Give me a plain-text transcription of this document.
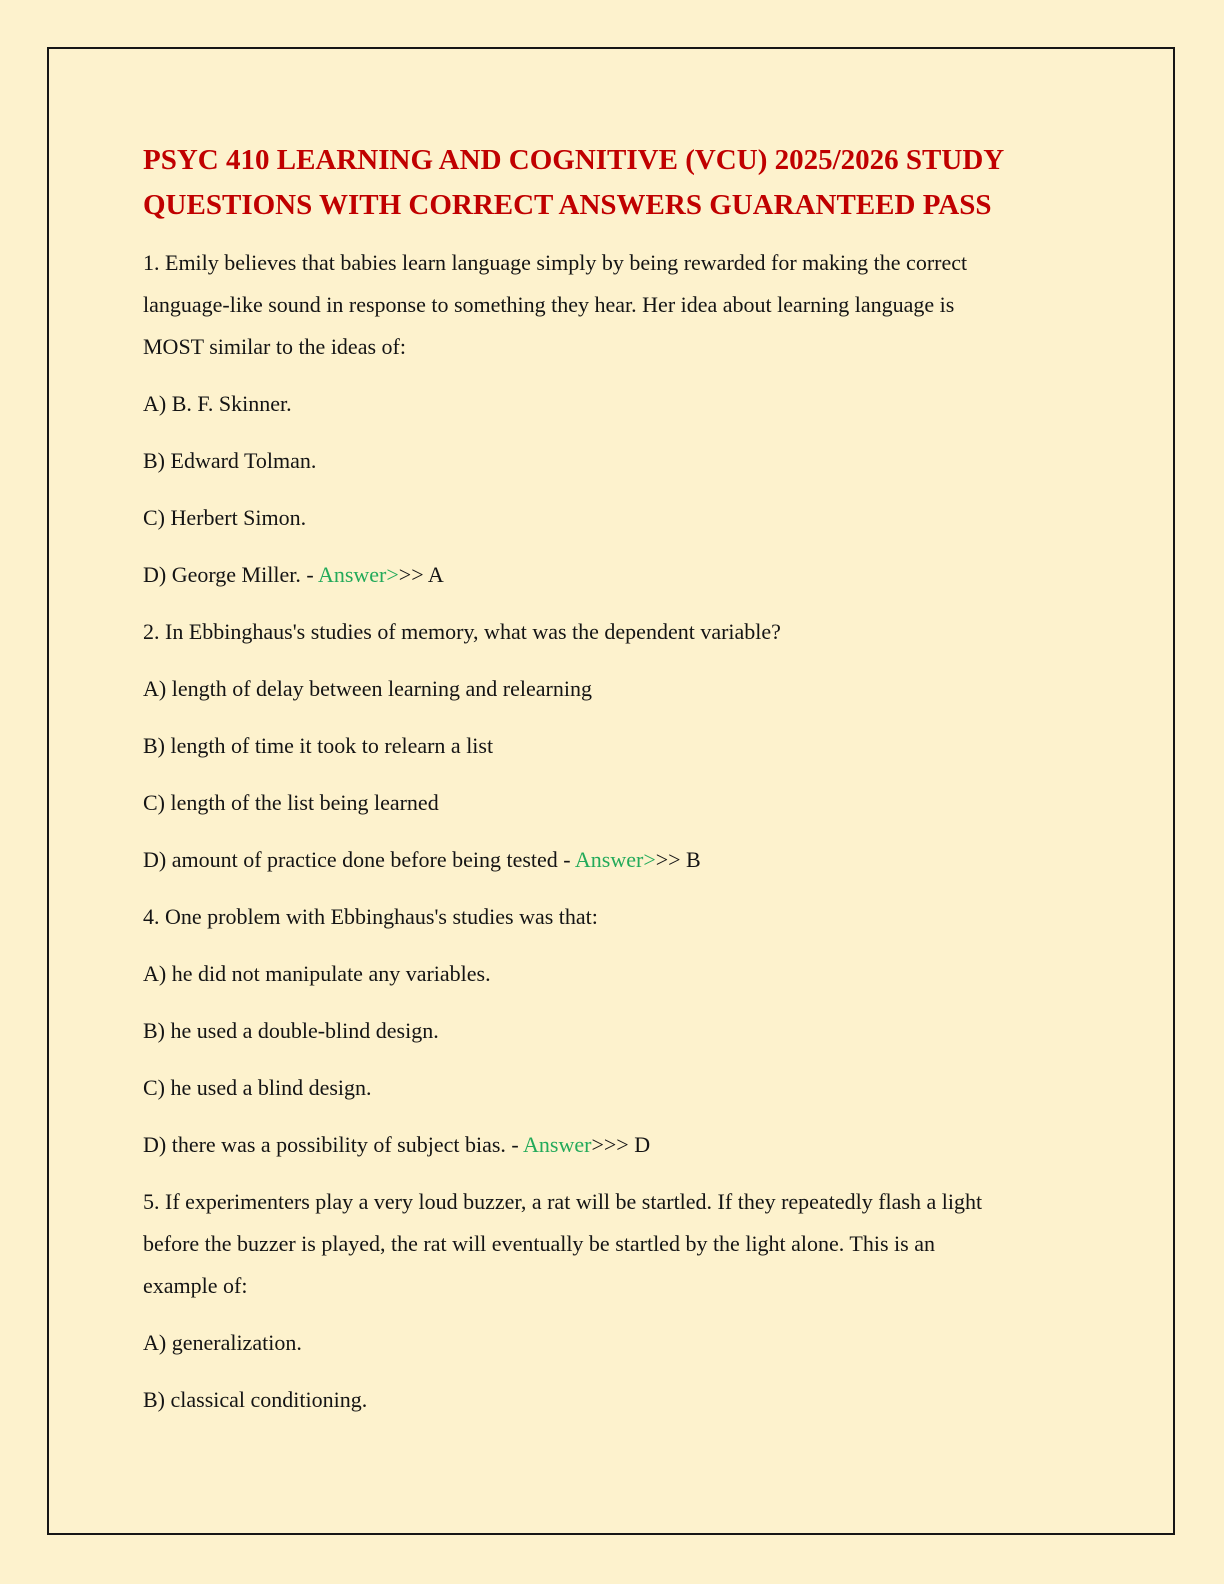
PSYC 410 LEARNING AND COGNITIVE (VCU) 2025/2026 STUDY
QUESTIONS WITH CORRECT ANSWERS GUARANTEED PASS

1. Emily believes that babies learn language simply by being rewarded for making the correct
language-like sound in response to something they hear. Her idea about learning language is
MOST similar to the ideas of:

A) B. F. Skinner.

B) Edward Tolman.

C) Herbert Simon.

D) George Miller. - Answer>>> A

2. In Ebbinghaus's studies of memory, what was the dependent variable?

A) length of delay between learning and relearning

B) length of time it took to relearn a list

C) length of the list being learned

D) amount of practice done before being tested - Answer>>> B

4. One problem with Ebbinghaus's studies was that:

A) he did not manipulate any variables.

B) he used a double-blind design.

C) he used a blind design.

D) there was a possibility of subject bias. - Answer>>> D

5. If experimenters play a very loud buzzer, a rat will be startled. If they repeatedly flash a light
before the buzzer is played, the rat will eventually be startled by the light alone. This is an
example of:

A) generalization.

B) classical conditioning.
